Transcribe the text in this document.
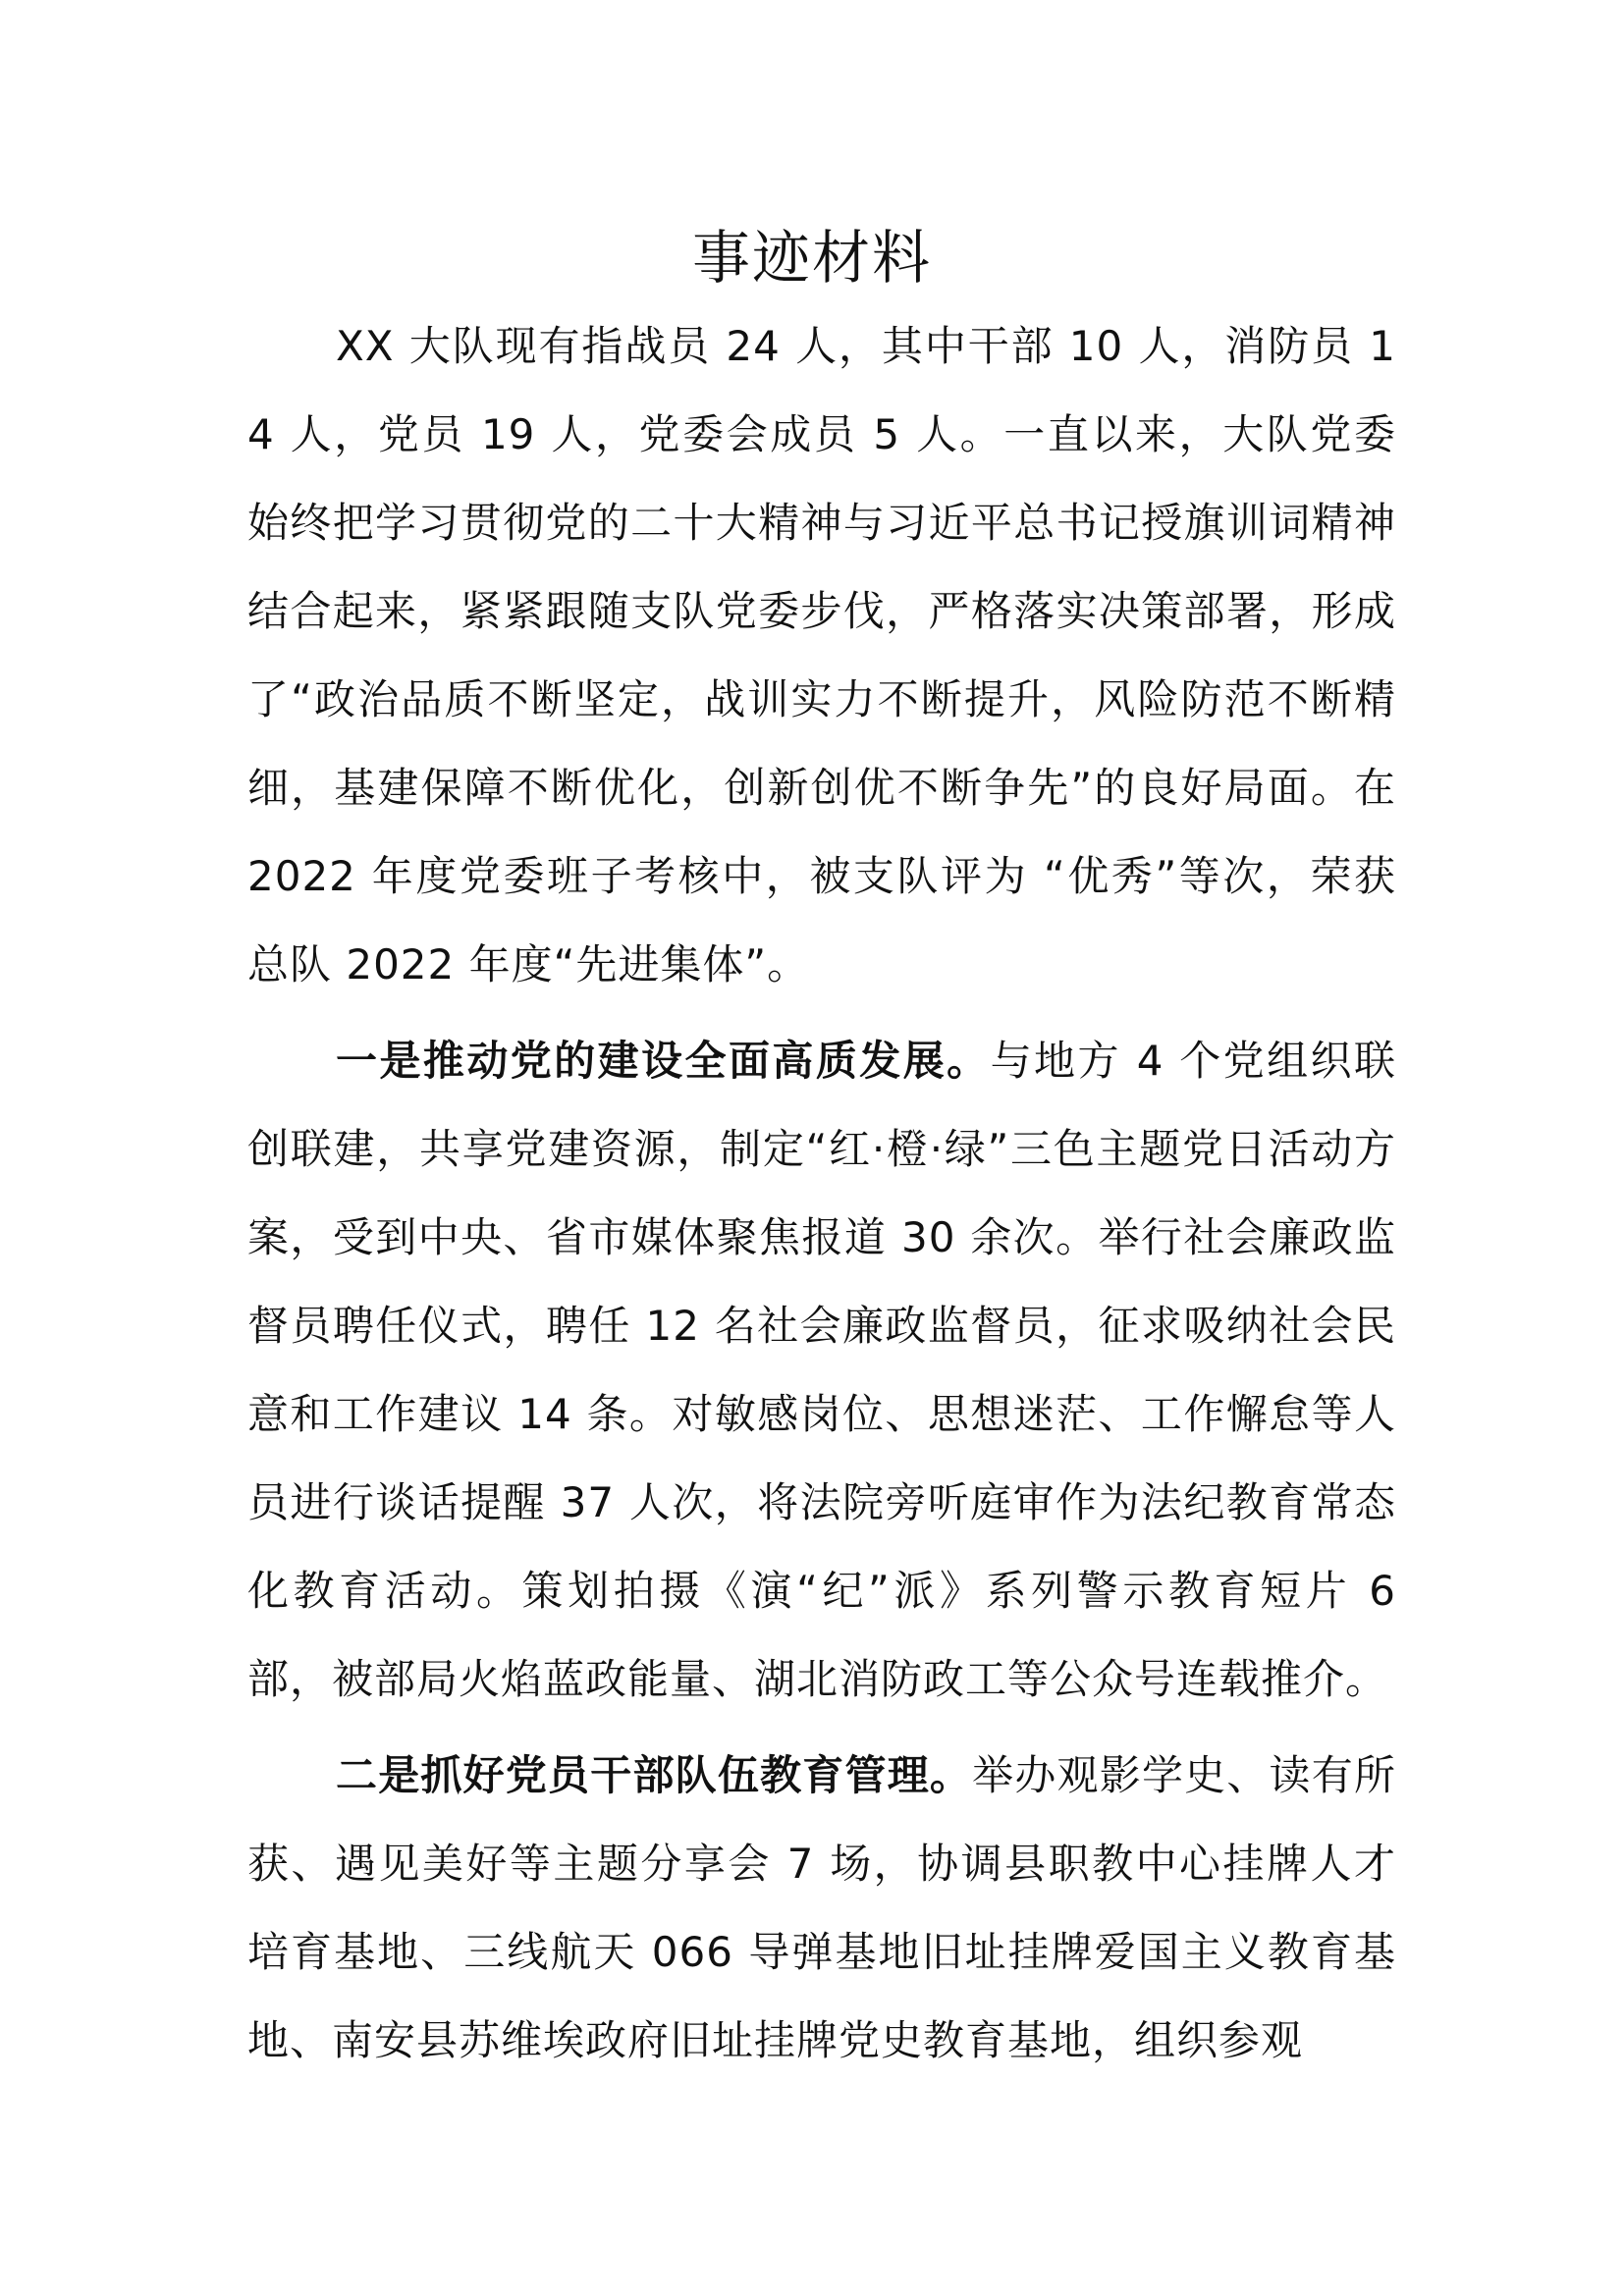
事迹材料

XX 大队现有指战员 24 人，其中干部 10 人，消防员 14 人，党员 19 人，党委会成员 5 人。一直以来，大队党委始终把学习贯彻党的二十大精神与习近平总书记授旗训词精神结合起来，紧紧跟随支队党委步伐，严格落实决策部署，形成了“政治品质不断坚定，战训实力不断提升，风险防范不断精细，基建保障不断优化，创新创优不断争先”的良好局面。在 2022 年度党委班子考核中，被支队评为 “优秀”等次，荣获总队 2022 年度“先进集体”。

一是推动党的建设全面高质发展。与地方 4 个党组织联创联建，共享党建资源，制定“红·橙·绿”三色主题党日活动方案，受到中央、省市媒体聚焦报道 30 余次。举行社会廉政监督员聘任仪式，聘任 12 名社会廉政监督员，征求吸纳社会民意和工作建议 14 条。对敏感岗位、思想迷茫、工作懈怠等人员进行谈话提醒 37 人次，将法院旁听庭审作为法纪教育常态化教育活动。策划拍摄《演“纪”派》系列警示教育短片 6 部，被部局火焰蓝政能量、湖北消防政工等公众号连载推介。

二是抓好党员干部队伍教育管理。举办观影学史、读有所获、遇见美好等主题分享会 7 场，协调县职教中心挂牌人才培育基地、三线航天 066 导弹基地旧址挂牌爱国主义教育基地、南安县苏维埃政府旧址挂牌党史教育基地，组织参观
